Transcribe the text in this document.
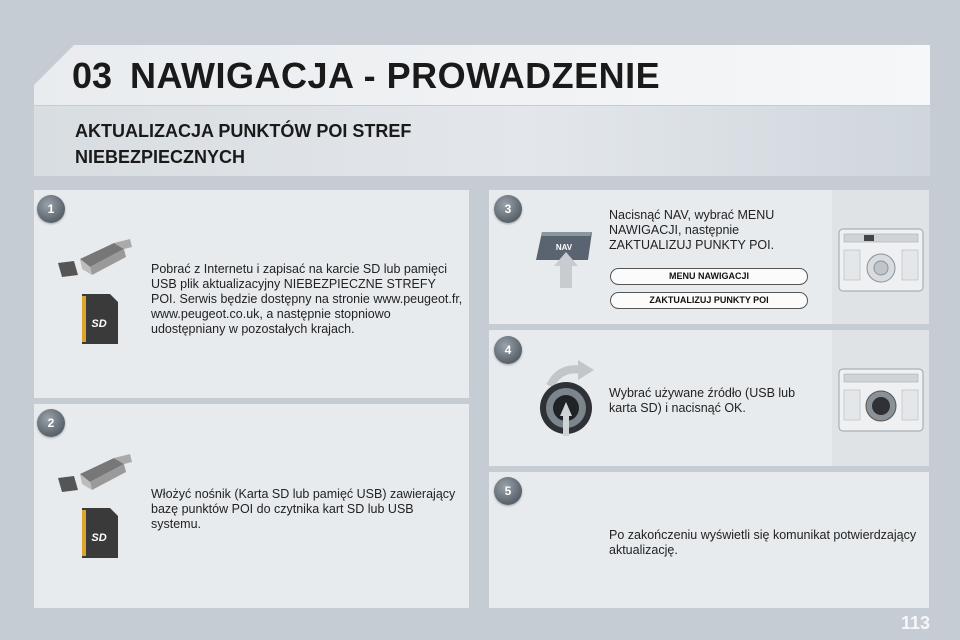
03 NAWIGACJA - PROWADZENIE
AKTUALIZACJA PUNKTÓW POI STREF NIEBEZPIECZNYCH
1
SD
Pobrać z Internetu i zapisać na karcie SD lub pamięci USB plik aktualizacyjny NIEBEZPIECZNE STREFY POI. Serwis będzie dostępny na stronie www.peugeot.fr, www.peugeot.co.uk, a następnie stopniowo udostępniany w pozostałych krajach.
2
SD
Włożyć nośnik (Karta SD lub pamięć USB) zawierający bazę punktów POI do czytnika kart SD lub USB systemu.
3
NAV
Nacisnąć NAV, wybrać MENU NAWIGACJI, następnie ZAKTUALIZUJ PUNKTY POI.
MENU NAWIGACJI
ZAKTUALIZUJ PUNKTY POI
4
Wybrać używane źródło (USB lub karta SD) i nacisnąć OK.
5
Po zakończeniu wyświetli się komunikat potwierdzający aktualizację.
113
